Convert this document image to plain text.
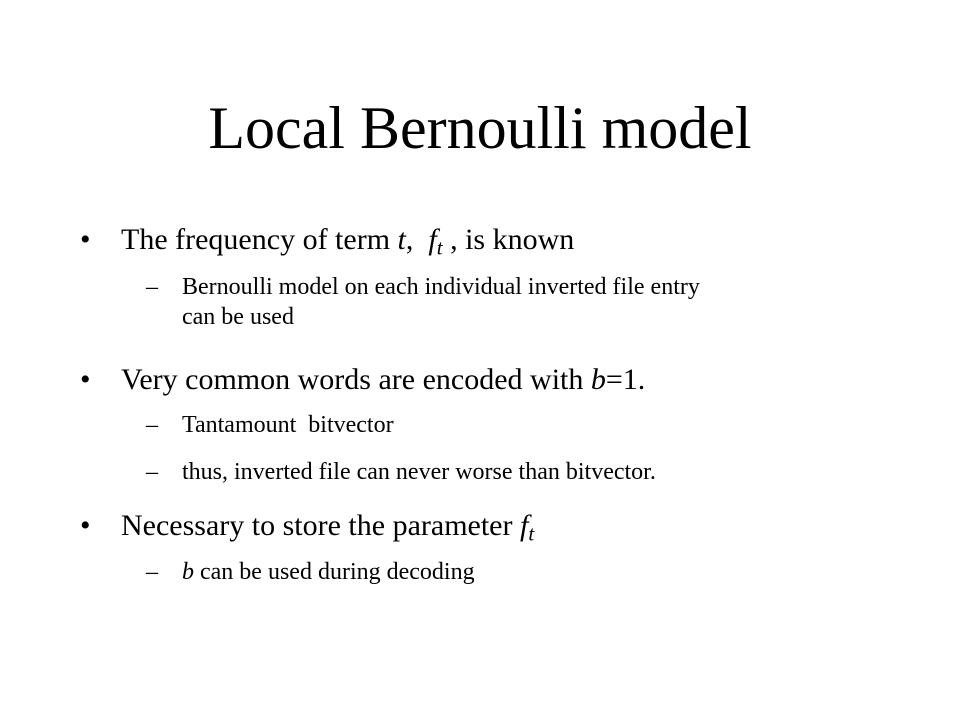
Local Bernoulli model
•	The frequency of term t,  $f_t$ , is known
– Bernoulli model on each individual inverted file entry
can be used
•	Very common words are encoded with b=1.
– Tantamount  bitvector
– thus, inverted file can never worse than bitvector.
•	Necessary to store the parameter $f_t$
– b can be used during decoding
